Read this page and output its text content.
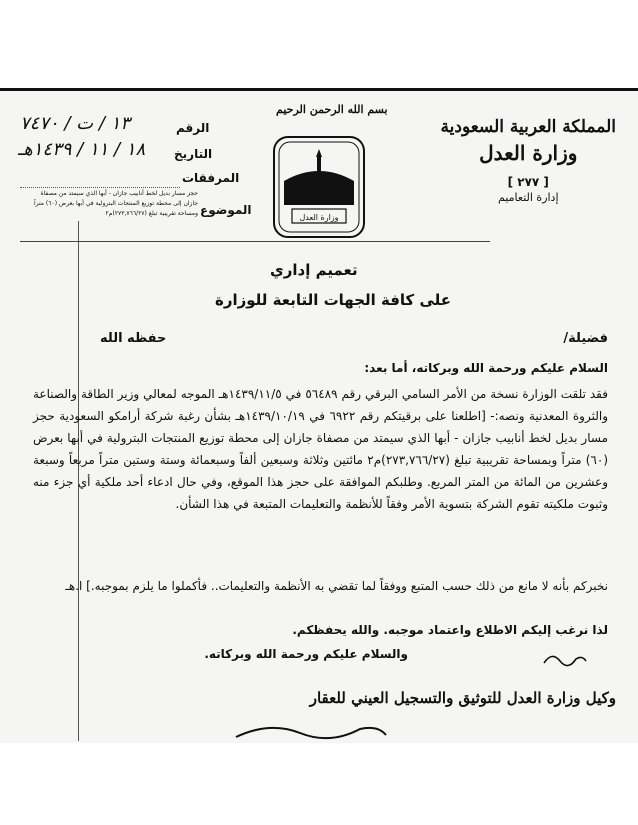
المملكة العربية السعودية
وزارة العدل
[ ٢٧٧ ]
إدارة التعاميم
بسم الله الرحمن الرحيم
وزارة العدل
الرقم
١٣ / ت / ٧٤٧٠
التاريخ
١٨ / ١١ / ١٤٣٩هـ
المرفقات
الموضوع
حجز مسار بديل لخط أنابيب جازان - أبها الذي سيمتد من مصفاة
جازان إلى محطة توزيع المنتجات البترولية في أبها بعرض (٦٠) متراً
ومساحة تقريبية تبلغ (٢٧٣,٧٦٦/٢٧)م٢
تعميم إداري
على كافة الجهات التابعة للوزارة
فضيلة/
حفظه الله
السلام عليكم ورحمة الله وبركاته، أما بعد:
فقد تلقت الوزارة نسخة من الأمر السامي البرقي رقم ٥٦٤٨٩ في ١٤٣٩/١١/٥هـ الموجه لمعالي وزير الطاقة والصناعة والثروة المعدنية ونصه:- [اطلعنا على برقيتكم رقم ٦٩٢٢ في ١٤٣٩/١٠/١٩هـ بشأن رغبة شركة أرامكو السعودية حجز مسار بديل لخط أنابيب جازان - أبها الذي سيمتد من مصفاة جازان إلى محطة توزيع المنتجات البترولية في أبها بعرض (٦٠) متراً وبمساحة تقريبية تبلغ (٢٧٣,٧٦٦/٢٧)م٢ مائتين وثلاثة وسبعين ألفاً وسبعمائة وستة وستين متراً مربعاً وسبعة وعشرين من المائة من المتر المربع. وطلبكم الموافقة على حجز هذا الموقع، وفي حال ادعاء أحد ملكية أي جزء منه وثبوت ملكيته تقوم الشركة بتسوية الأمر وفقاً للأنظمة والتعليمات المتبعة في هذا الشأن.
نخبركم بأنه لا مانع من ذلك حسب المتبع ووفقاً لما تقضي به الأنظمة والتعليمات.. فأكملوا ما يلزم بموجبه.] ا.هـ
لذا نرغب إليكم الاطلاع واعتماد موجبه. والله يحفظكم.
والسلام عليكم ورحمة الله وبركاته.
وكيل وزارة العدل للتوثيق والتسجيل العيني للعقار
